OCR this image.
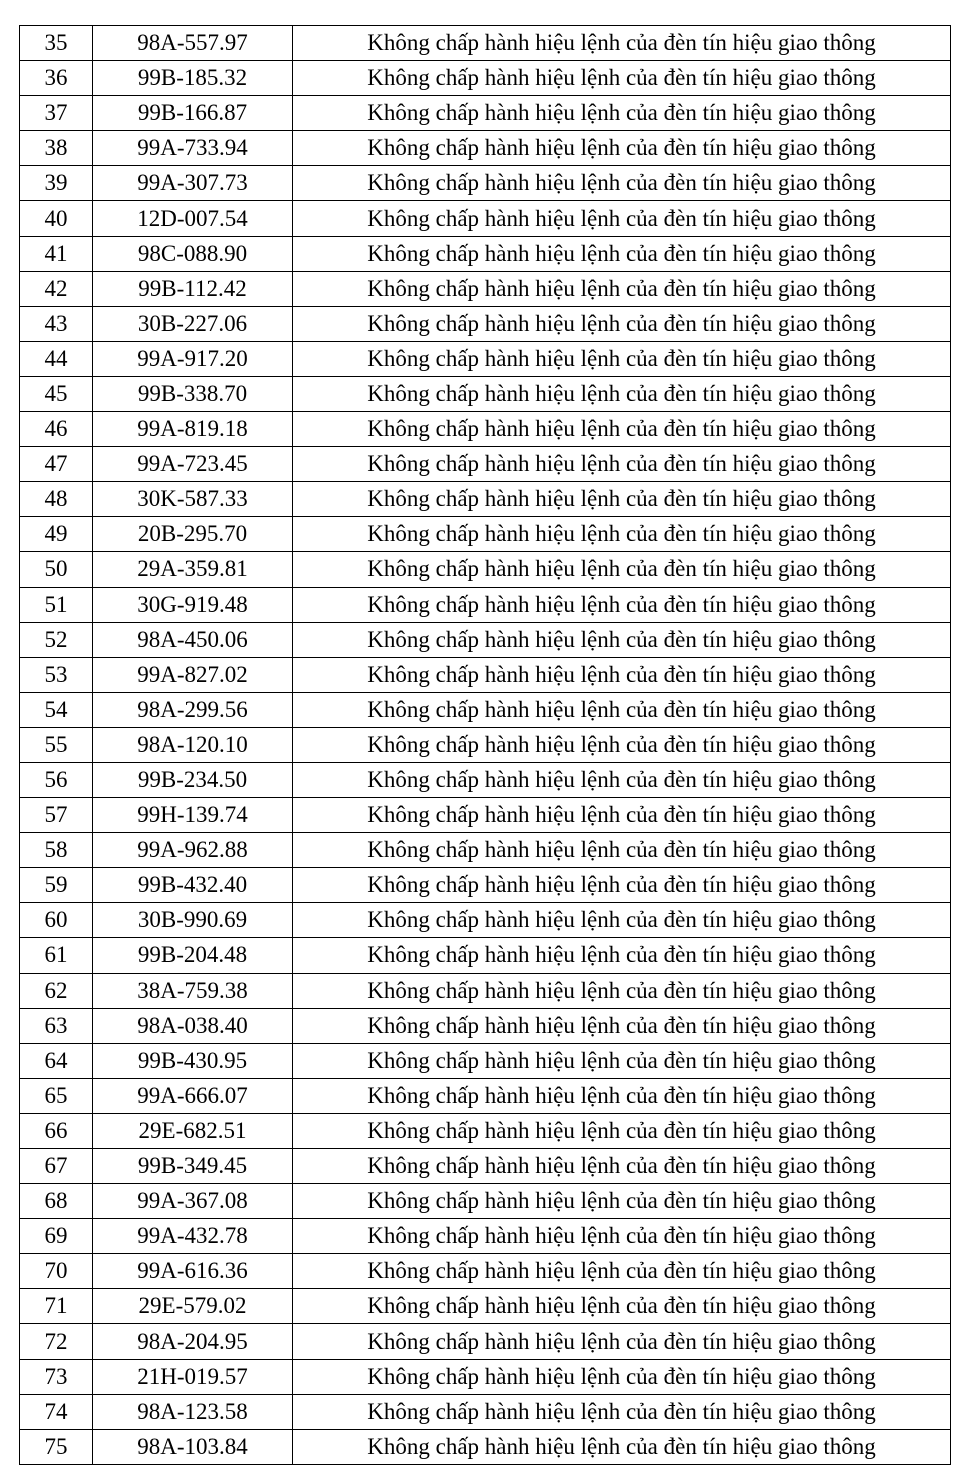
35	98A-557.97	Không chấp hành hiệu lệnh của đèn tín hiệu giao thông
36	99B-185.32	Không chấp hành hiệu lệnh của đèn tín hiệu giao thông
37	99B-166.87	Không chấp hành hiệu lệnh của đèn tín hiệu giao thông
38	99A-733.94	Không chấp hành hiệu lệnh của đèn tín hiệu giao thông
39	99A-307.73	Không chấp hành hiệu lệnh của đèn tín hiệu giao thông
40	12D-007.54	Không chấp hành hiệu lệnh của đèn tín hiệu giao thông
41	98C-088.90	Không chấp hành hiệu lệnh của đèn tín hiệu giao thông
42	99B-112.42	Không chấp hành hiệu lệnh của đèn tín hiệu giao thông
43	30B-227.06	Không chấp hành hiệu lệnh của đèn tín hiệu giao thông
44	99A-917.20	Không chấp hành hiệu lệnh của đèn tín hiệu giao thông
45	99B-338.70	Không chấp hành hiệu lệnh của đèn tín hiệu giao thông
46	99A-819.18	Không chấp hành hiệu lệnh của đèn tín hiệu giao thông
47	99A-723.45	Không chấp hành hiệu lệnh của đèn tín hiệu giao thông
48	30K-587.33	Không chấp hành hiệu lệnh của đèn tín hiệu giao thông
49	20B-295.70	Không chấp hành hiệu lệnh của đèn tín hiệu giao thông
50	29A-359.81	Không chấp hành hiệu lệnh của đèn tín hiệu giao thông
51	30G-919.48	Không chấp hành hiệu lệnh của đèn tín hiệu giao thông
52	98A-450.06	Không chấp hành hiệu lệnh của đèn tín hiệu giao thông
53	99A-827.02	Không chấp hành hiệu lệnh của đèn tín hiệu giao thông
54	98A-299.56	Không chấp hành hiệu lệnh của đèn tín hiệu giao thông
55	98A-120.10	Không chấp hành hiệu lệnh của đèn tín hiệu giao thông
56	99B-234.50	Không chấp hành hiệu lệnh của đèn tín hiệu giao thông
57	99H-139.74	Không chấp hành hiệu lệnh của đèn tín hiệu giao thông
58	99A-962.88	Không chấp hành hiệu lệnh của đèn tín hiệu giao thông
59	99B-432.40	Không chấp hành hiệu lệnh của đèn tín hiệu giao thông
60	30B-990.69	Không chấp hành hiệu lệnh của đèn tín hiệu giao thông
61	99B-204.48	Không chấp hành hiệu lệnh của đèn tín hiệu giao thông
62	38A-759.38	Không chấp hành hiệu lệnh của đèn tín hiệu giao thông
63	98A-038.40	Không chấp hành hiệu lệnh của đèn tín hiệu giao thông
64	99B-430.95	Không chấp hành hiệu lệnh của đèn tín hiệu giao thông
65	99A-666.07	Không chấp hành hiệu lệnh của đèn tín hiệu giao thông
66	29E-682.51	Không chấp hành hiệu lệnh của đèn tín hiệu giao thông
67	99B-349.45	Không chấp hành hiệu lệnh của đèn tín hiệu giao thông
68	99A-367.08	Không chấp hành hiệu lệnh của đèn tín hiệu giao thông
69	99A-432.78	Không chấp hành hiệu lệnh của đèn tín hiệu giao thông
70	99A-616.36	Không chấp hành hiệu lệnh của đèn tín hiệu giao thông
71	29E-579.02	Không chấp hành hiệu lệnh của đèn tín hiệu giao thông
72	98A-204.95	Không chấp hành hiệu lệnh của đèn tín hiệu giao thông
73	21H-019.57	Không chấp hành hiệu lệnh của đèn tín hiệu giao thông
74	98A-123.58	Không chấp hành hiệu lệnh của đèn tín hiệu giao thông
75	98A-103.84	Không chấp hành hiệu lệnh của đèn tín hiệu giao thông
